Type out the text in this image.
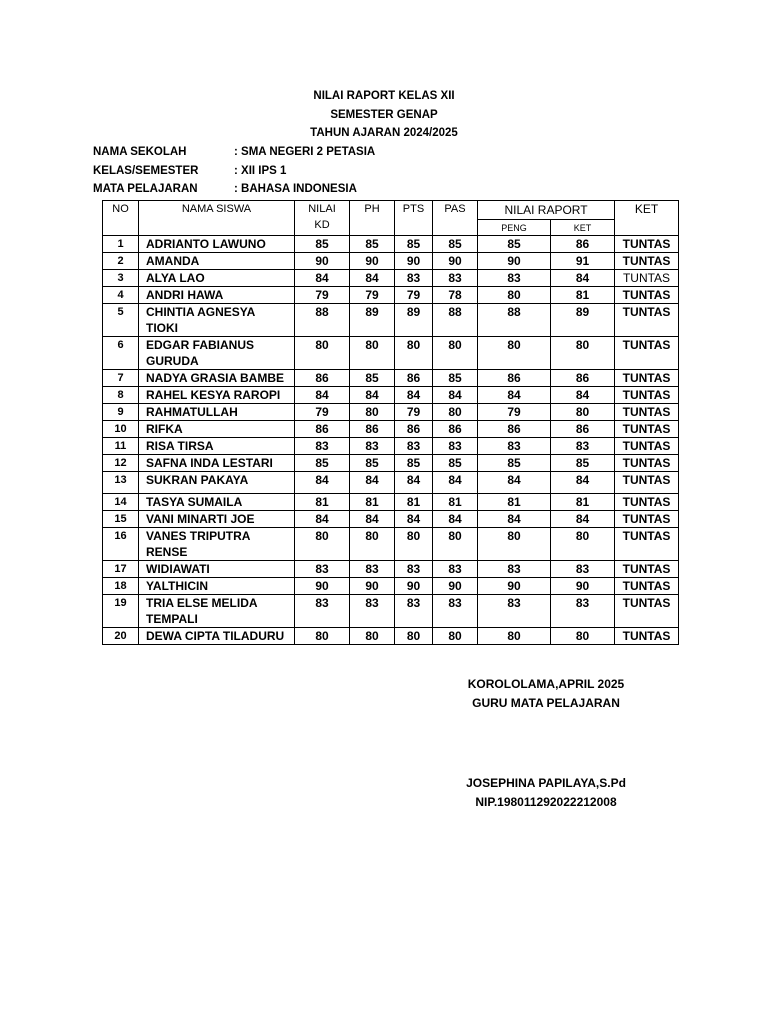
NILAI RAPORT KELAS XII
SEMESTER GENAP
TAHUN AJARAN 2024/2025
NAMA SEKOLAH	: SMA NEGERI 2 PETASIA
KELAS/SEMESTER	: XII IPS 1
MATA PELAJARAN	: BAHASA INDONESIA
NO	NAMA SISWA	NILAI KD	PH	PTS	PAS	NILAI RAPORT		KET
						PENG	KET	
1	ADRIANTO LAWUNO	85	85	85	85	85	86	TUNTAS
2	AMANDA	90	90	90	90	90	91	TUNTAS
3	ALYA LAO	84	84	83	83	83	84	TUNTAS
4	ANDRI HAWA	79	79	79	78	80	81	TUNTAS
5	CHINTIA AGNESYA TIOKI	88	89	89	88	88	89	TUNTAS
6	EDGAR FABIANUS GURUDA	80	80	80	80	80	80	TUNTAS
7	NADYA GRASIA BAMBE	86	85	86	85	86	86	TUNTAS
8	RAHEL KESYA RAROPI	84	84	84	84	84	84	TUNTAS
9	RAHMATULLAH	79	80	79	80	79	80	TUNTAS
10	RIFKA	86	86	86	86	86	86	TUNTAS
11	RISA TIRSA	83	83	83	83	83	83	TUNTAS
12	SAFNA INDA LESTARI	85	85	85	85	85	85	TUNTAS
13	SUKRAN PAKAYA	84	84	84	84	84	84	TUNTAS
14	TASYA SUMAILA	81	81	81	81	81	81	TUNTAS
15	VANI MINARTI JOE	84	84	84	84	84	84	TUNTAS
16	VANES TRIPUTRA RENSE	80	80	80	80	80	80	TUNTAS
17	WIDIAWATI	83	83	83	83	83	83	TUNTAS
18	YALTHICIN	90	90	90	90	90	90	TUNTAS
19	TRIA ELSE MELIDA TEMPALI	83	83	83	83	83	83	TUNTAS
20	DEWA CIPTA TILADURU	80	80	80	80	80	80	TUNTAS
KOROLOLAMA,APRIL 2025
GURU MATA PELAJARAN
JOSEPHINA PAPILAYA,S.Pd
NIP.198011292022212008
